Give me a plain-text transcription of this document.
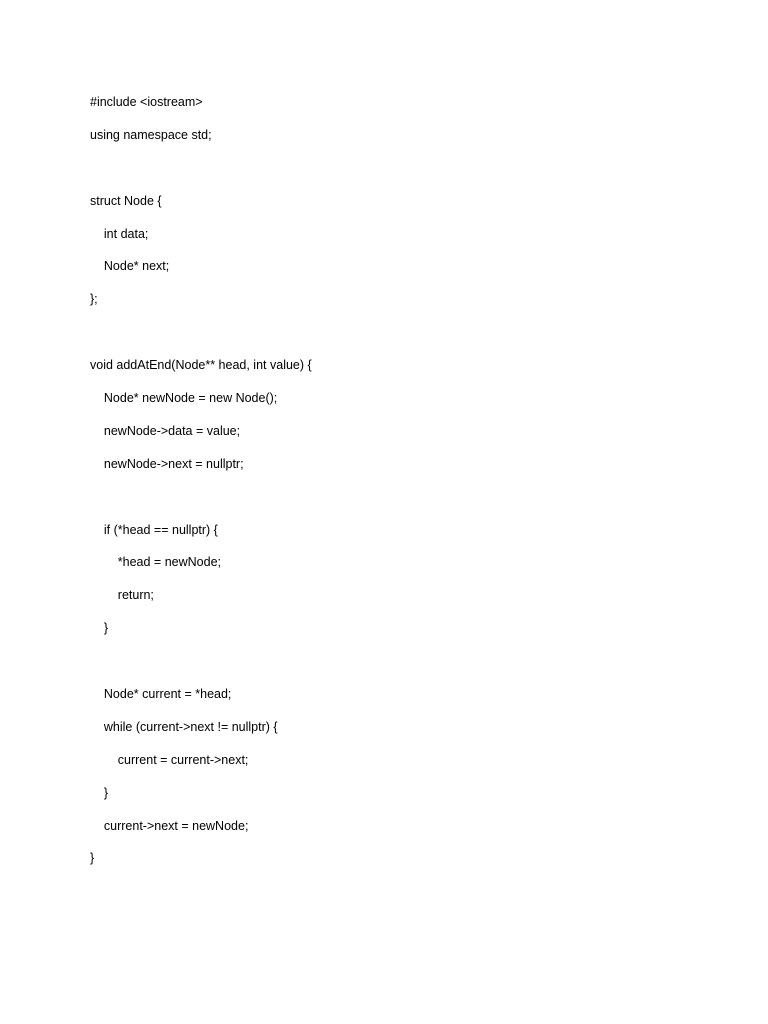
#include <iostream>
using namespace std;
struct Node {
int data;
Node* next;
};
void addAtEnd(Node** head, int value) {
Node* newNode = new Node();
newNode->data = value;
newNode->next = nullptr;
if (*head == nullptr) {
*head = newNode;
return;
}
Node* current = *head;
while (current->next != nullptr) {
current = current->next;
}
current->next = newNode;
}
